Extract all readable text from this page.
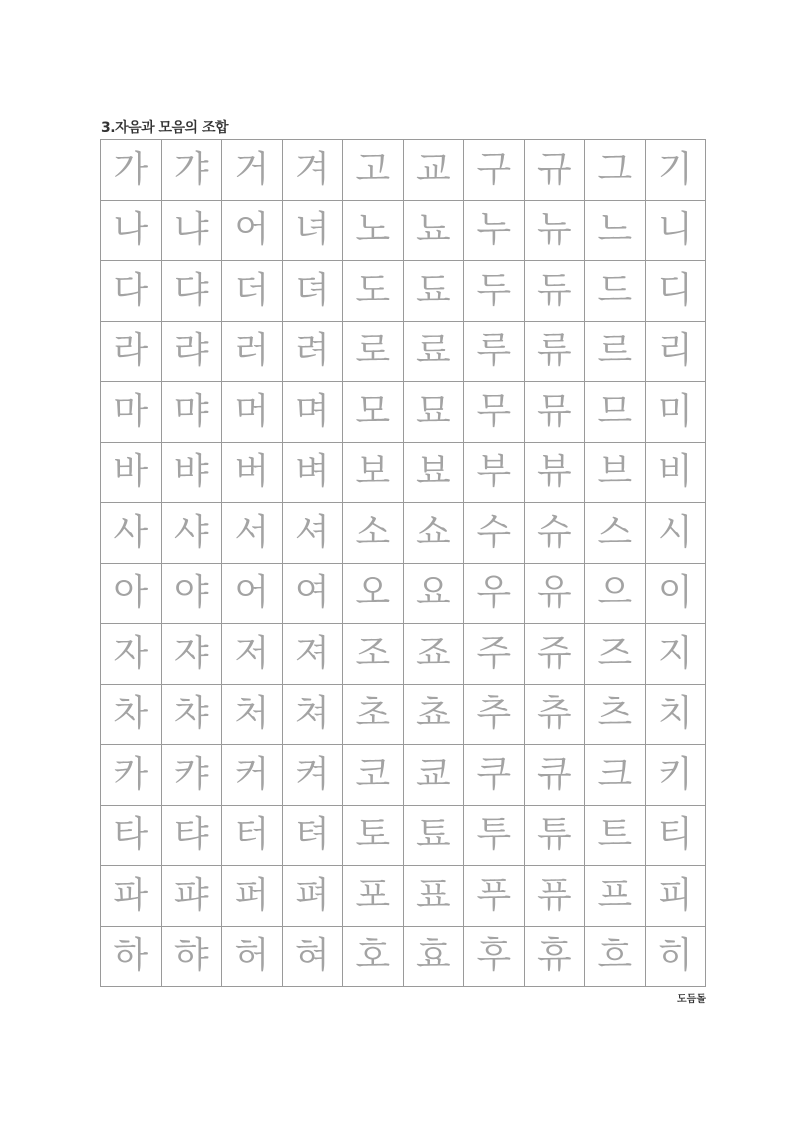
3.자음과 모음의 조합
가 갸 거 겨 고 교 구 규 그 기
나 냐 어 녀 노 뇨 누 뉴 느 니
다 댜 더 뎌 도 됴 두 듀 드 디
라 랴 러 려 로 료 루 류 르 리
마 먀 머 며 모 묘 무 뮤 므 미
바 뱌 버 벼 보 뵤 부 뷰 브 비
사 샤 서 셔 소 쇼 수 슈 스 시
아 야 어 여 오 요 우 유 으 이
자 쟈 저 져 조 죠 주 쥬 즈 지
차 챠 처 쳐 초 쵸 추 츄 츠 치
카 캬 커 켜 코 쿄 쿠 큐 크 키
타 탸 터 텨 토 툐 투 튜 트 티
파 퍄 퍼 펴 포 표 푸 퓨 프 피
하 햐 허 혀 호 효 후 휴 흐 히
도듬돌
